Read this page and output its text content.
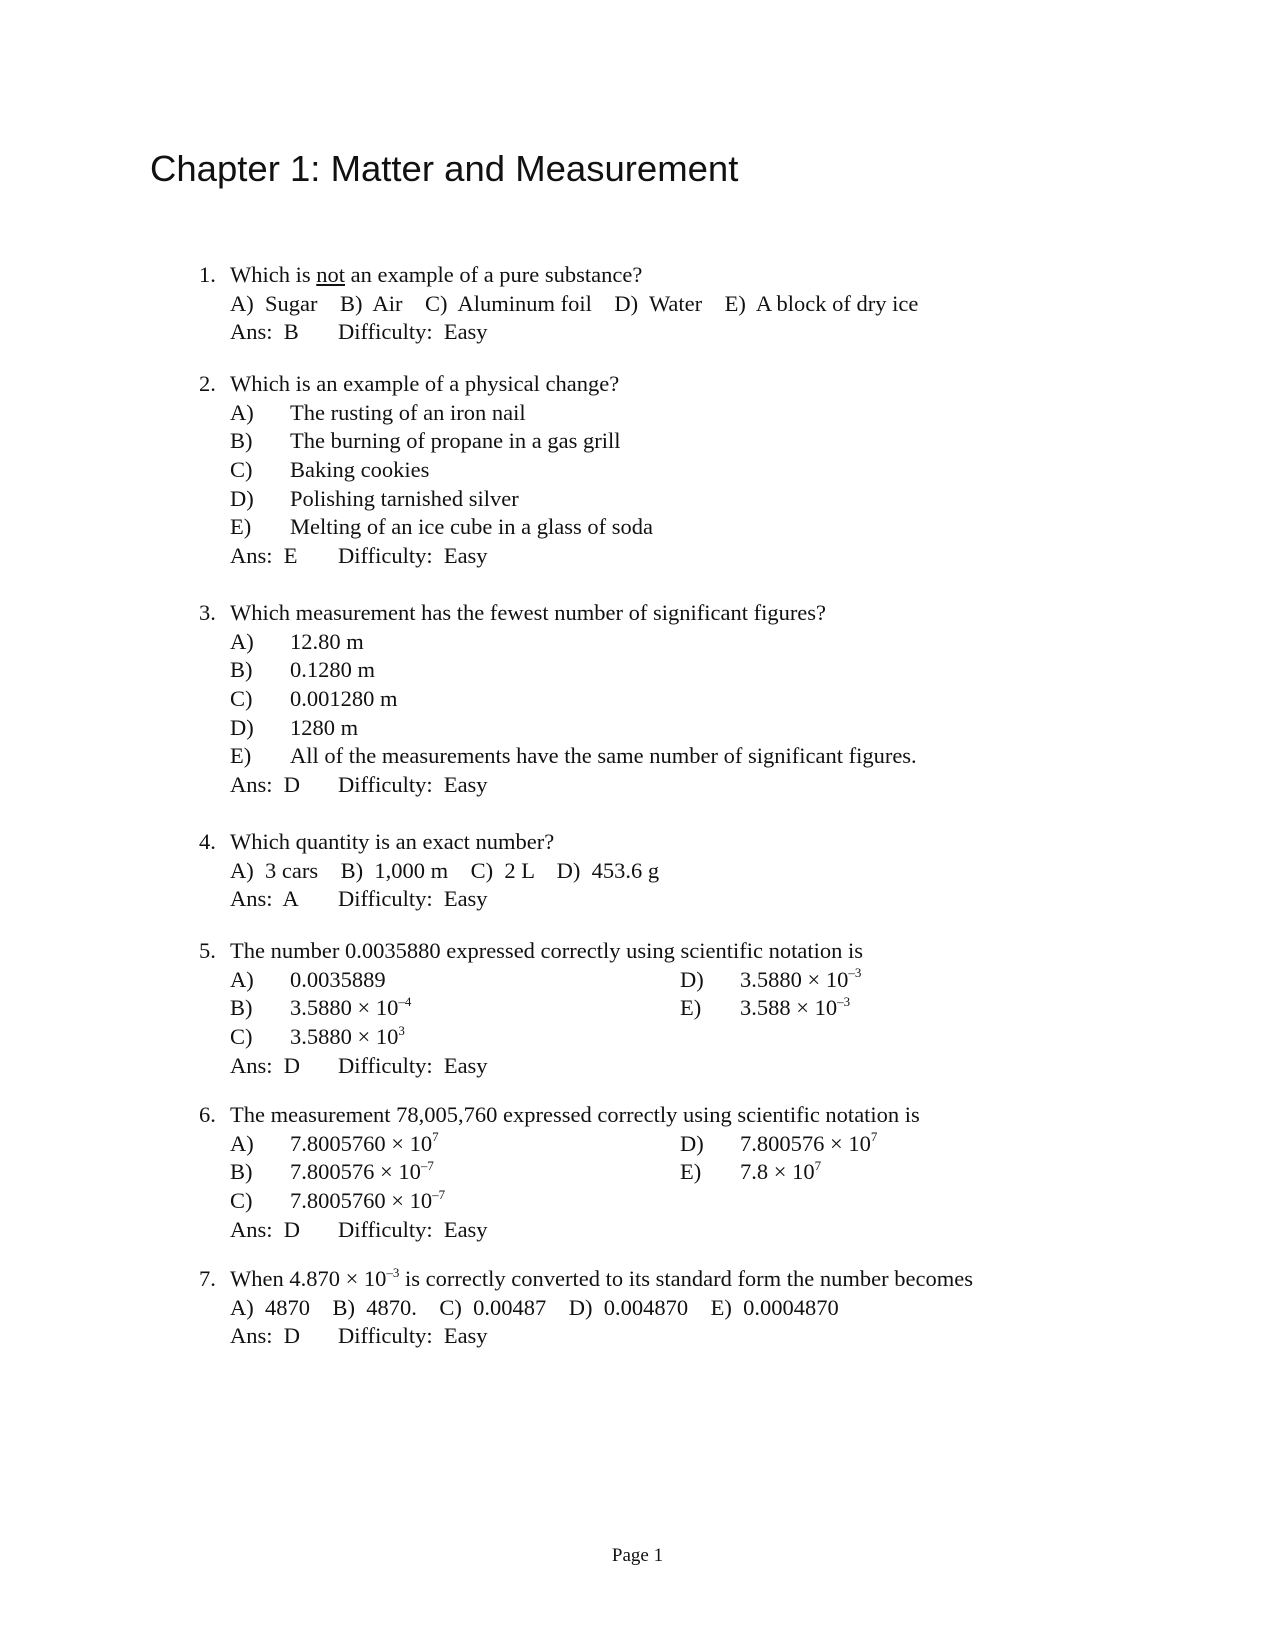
Chapter 1: Matter and Measurement
1. Which is not an example of a pure substance?
A)  Sugar    B)  Air    C)  Aluminum foil    D)  Water    E)  A block of dry ice
Ans:  B Difficulty:  Easy
2. Which is an example of a physical change?
A) The rusting of an iron nail
B) The burning of propane in a gas grill
C) Baking cookies
D) Polishing tarnished silver
E) Melting of an ice cube in a glass of soda
Ans:  E Difficulty:  Easy
3. Which measurement has the fewest number of significant figures?
A) 12.80 m
B) 0.1280 m
C) 0.001280 m
D) 1280 m
E) All of the measurements have the same number of significant figures.
Ans:  D Difficulty:  Easy
4. Which quantity is an exact number?
A)  3 cars    B)  1,000 m    C)  2 L    D)  453.6 g
Ans:  A Difficulty:  Easy
5. The number 0.0035880 expressed correctly using scientific notation is
A) 0.0035889	D) $3.5880 \times 10^{-3}$
B) $3.5880 \times 10^{-4}$	E) $3.588 \times 10^{-3}$
C) $3.5880 \times 10^3$
Ans:  D Difficulty:  Easy
6. The measurement 78,005,760 expressed correctly using scientific notation is
A) $7.8005760 \times 10^7$	D) $7.800576 \times 10^7$
B) $7.800576 \times 10^{-7}$	E) $7.8 \times 10^7$
C) $7.8005760 \times 10^{-7}$
Ans:  D Difficulty:  Easy
7. When $4.870 \times 10^{-3}$ is correctly converted to its standard form the number becomes
A)  4870    B)  4870.    C)  0.00487    D)  0.004870    E)  0.0004870
Ans:  D Difficulty:  Easy
Page 1
